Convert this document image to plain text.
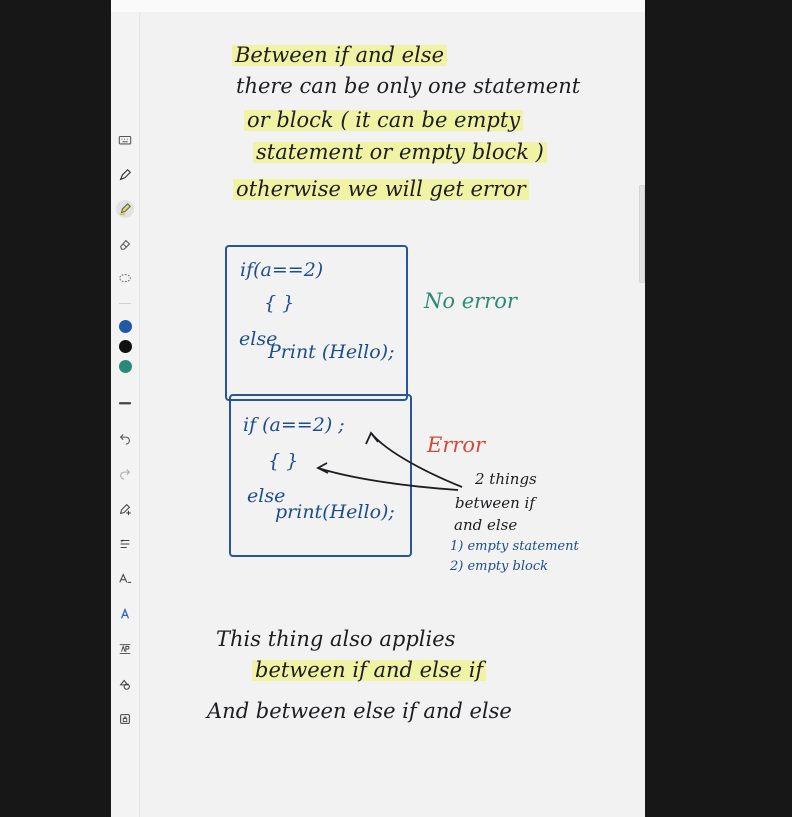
Between if and else
there can be only one statement
or block ( it can be empty
statement or empty block )
otherwise we will get error
if(a==2)
{ }
else
Print (Hello);
No error
if (a==2) ;
{ }
else
print(Hello);
Error
2 things
between if
and else
1) empty statement
2) empty block
This thing also applies
between if and else if
And between else if and else
